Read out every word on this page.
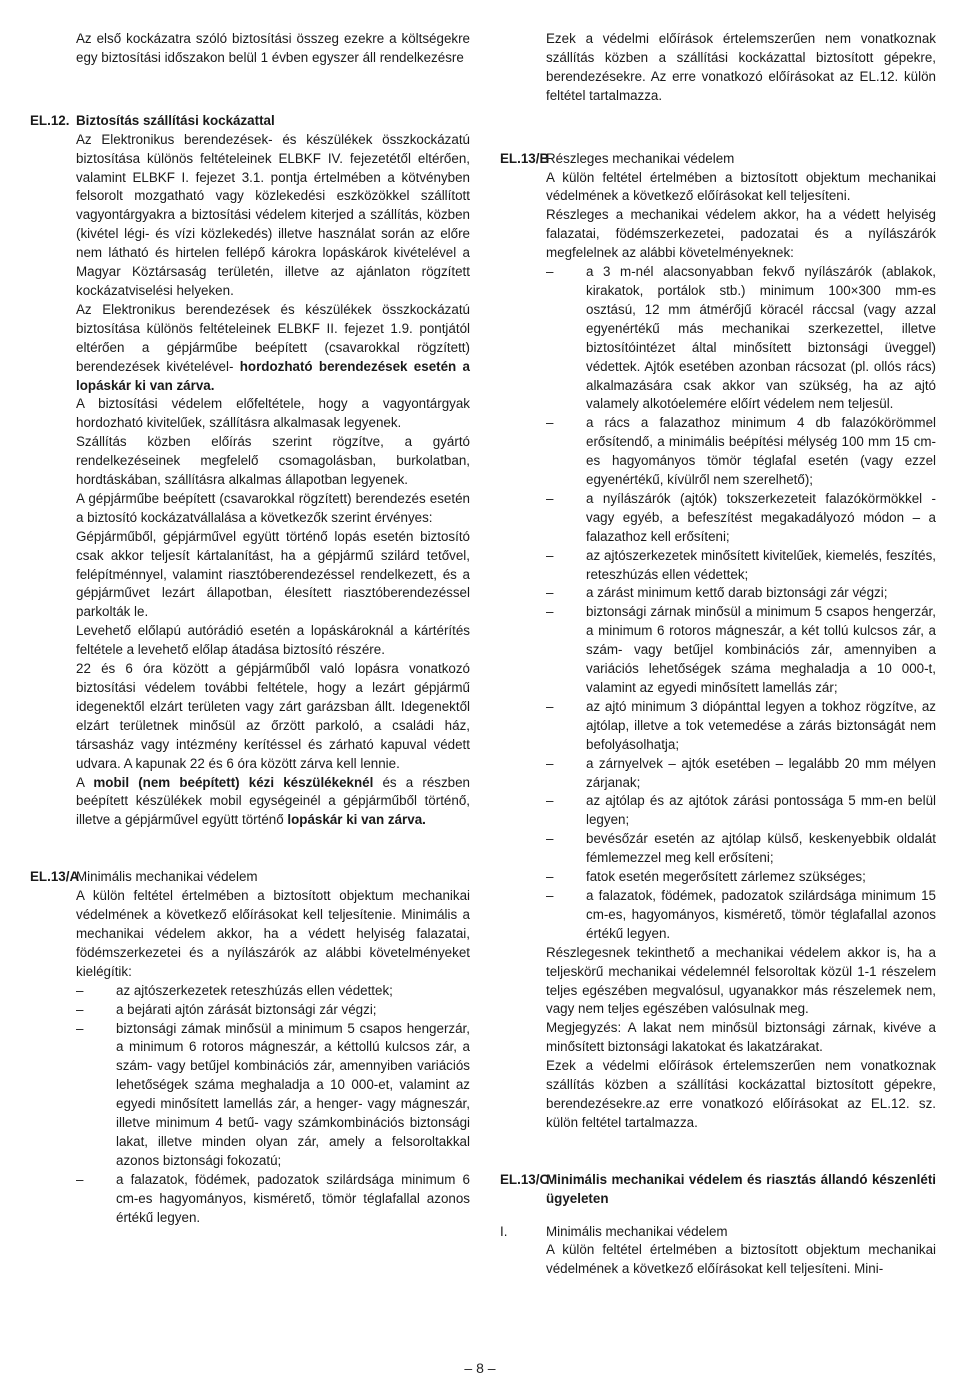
Az első kockázatra szóló biztosítási összeg ezekre a költségekre egy biztosítási időszakon belül 1 évben egyszer áll rendelkezésre

EL.12. Biztosítás szállítási kockázattal

Az Elektronikus berendezések- és készülékek összkockázatú biztosítása különös feltételeinek ELBKF IV. fejezetétől eltérően, valamint ELBKF I. fejezet 3.1. pontja értelmében a kötvényben felsorolt mozgatható vagy közlekedési eszközökkel szállított vagyontárgyakra a biztosítási védelem kiterjed a szállítás, közben (kivétel légi- és vízi közlekedés) illetve használat során az előre nem látható és hirtelen fellépő károkra lopáskárok kivételével a Magyar Köztársaság területén, illetve az ajánlaton rögzített kockázatviselési helyeken.

Az Elektronikus berendezések és készülékek összkockázatú biztosítása különös feltételeinek ELBKF II. fejezet 1.9. pontjától eltérően a gépjárműbe beépített (csavarokkal rögzített) berendezések kivételével- hordozható berendezések esetén a lopáskár ki van zárva.

A biztosítási védelem előfeltétele, hogy a vagyontárgyak hordozható kivitelűek, szállításra alkalmasak legyenek.

Szállítás közben előírás szerint rögzítve, a gyártó rendelkezéseinek megfelelő csomagolásban, burkolatban, hordtáskában, szállításra alkalmas állapotban legyenek.

A gépjárműbe beépített (csavarokkal rögzített) berendezés esetén a biztosító kockázatvállalása a következők szerint érvényes:

Gépjárműből, gépjárművel együtt történő lopás esetén biztosító csak akkor teljesít kártalanítást, ha a gépjármű szilárd tetővel, felépítménnyel, valamint riasztóberendezéssel rendelkezett, és a gépjárművet lezárt állapotban, élesített riasztóberendezéssel parkolták le.

Levehető előlapú autórádió esetén a lopáskároknál a kártérítés feltétele a levehető előlap átadása biztosító részére.

22 és 6 óra között a gépjárműből való lopásra vonatkozó biztosítási védelem további feltétele, hogy a lezárt gépjármű idegenektől elzárt területen vagy zárt garázsban állt. Idegenektől elzárt területnek minősül az őrzött parkoló, a családi ház, társasház vagy intézmény kerítéssel és zárható kapuval védett udvara. A kapunak 22 és 6 óra között zárva kell lennie.

A mobil (nem beépített) kézi készülékeknél és a részben beépített készülékek mobil egységeinél a gépjárműből történő, illetve a gépjárművel együtt történő lopáskár ki van zárva.

EL.13/A
Minimális mechanikai védelem

A külön feltétel értelmében a biztosított objektum mechanikai védelmének a következő előírásokat kell teljesítenie. Minimális a mechanikai védelem akkor, ha a védett helyiség falazatai, födémszerkezetei és a nyílászárók az alábbi követelményeket kielégítik:

– az ajtószerkezetek reteszhúzás ellen védettek;
– a bejárati ajtón zárását biztonsági zár végzi;
– biztonsági zámak minősül a minimum 5 csapos hengerzár, a minimum 6 rotoros mágneszár, a kéttollú kulcsos zár, a szám- vagy betűjel kombinációs zár, amennyiben variációs lehetőségek száma meghaladja a 10 000-et, valamint az egyedi minősített lamellás zár, a henger- vagy mágneszár, illetve minimum 4 betű- vagy számkombinációs biztonsági lakat, illetve minden olyan zár, amely a felsoroltakkal azonos biztonsági fokozatú;
– a falazatok, födémek, padozatok szilárdsága minimum 6 cm-es hagyományos, kismérető, tömör téglafallal azonos értékű legyen.

Ezek a védelmi előírások értelemszerűen nem vonatkoznak szállítás közben a szállítási kockázattal biztosított gépekre, berendezésekre. Az erre vonatkozó előírásokat az EL.12. külön feltétel tartalmazza.

EL.13/B
Részleges mechanikai védelem

A külön feltétel értelmében a biztosított objektum mechanikai védelmének a következő előírásokat kell teljesíteni.

Részleges a mechanikai védelem akkor, ha a védett helyiség falazatai, födémszerkezetei, padozatai és a nyílászárók megfelelnek az alábbi követelményeknek:

– a 3 m-nél alacsonyabban fekvő nyílászárók (ablakok, kirakatok, portálok stb.) minimum 100×300 mm-es osztású, 12 mm átmérőjű köracél ráccsal (vagy azzal egyenértékű más mechanikai szerkezettel, illetve biztosítóintézet által minősített biztonsági üveggel) védettek. Ajtók esetében azonban rácsozat (pl. ollós rács) alkalmazására csak akkor van szükség, ha az ajtó valamely alkotóelemére előírt védelem nem teljesül.
– a rács a falazathoz minimum 4 db falazókörömmel erősítendő, a minimális beépítési mélység 100 mm 15 cm-es hagyományos tömör téglafal esetén (vagy ezzel egyenértékű, kívülről nem szerelhető);
– a nyílászárók (ajtók) tokszerkezeteit falazókörmökkel - vagy egyéb, a befeszítést megakadályozó módon – a falazathoz kell erősíteni;
– az ajtószerkezetek minősített kivitelűek, kiemelés, feszítés, reteszhúzás ellen védettek;
– a zárást minimum kettő darab biztonsági zár végzi;
– biztonsági zárnak minősül a minimum 5 csapos hengerzár, a minimum 6 rotoros mágneszár, a két tollú kulcsos zár, a szám- vagy betűjel kombinációs zár, amennyiben a variációs lehetőségek száma meghaladja a 10 000-t, valamint az egyedi minősített lamellás zár;
– az ajtó minimum 3 diópánttal legyen a tokhoz rögzítve, az ajtólap, illetve a tok vetemedése a zárás biztonságát nem befolyásolhatja;
– a zárnyelvek – ajtók esetében – legalább 20 mm mélyen zárjanak;
– az ajtólap és az ajtótok zárási pontossága 5 mm-en belül legyen;
– bevésőzár esetén az ajtólap külső, keskenyebbik oldalát fémlemezzel meg kell erősíteni;
– fatok esetén megerősített zárlemez szükséges;
– a falazatok, födémek, padozatok szilárdsága minimum 15 cm-es, hagyományos, kismérető, tömör téglafallal azonos értékű legyen.

Részlegesnek tekinthető a mechanikai védelem akkor is, ha a teljeskörű mechanikai védelemnél felsoroltak közül 1-1 részelem teljes egészében megvalósul, ugyanakkor más részelemek nem, vagy nem teljes egészében valósulnak meg.

Megjegyzés: A lakat nem minősül biztonsági zárnak, kivéve a minősített biztonsági lakatokat és lakatzárakat.

Ezek a védelmi előírások értelemszerűen nem vonatkoznak szállítás közben a szállítási kockázattal biztosított gépekre, berendezésekre.az erre vonatkozó előírásokat az EL.12. sz. külön feltétel tartalmazza.

EL.13/C
Minimális mechanikai védelem és riasztás állandó készenléti ügyeleten
I.	Minimális mechanikai védelem

A külön feltétel értelmében a biztosított objektum mechanikai védelmének a következő előírásokat kell teljesíteni. Mini-

– 8 –
